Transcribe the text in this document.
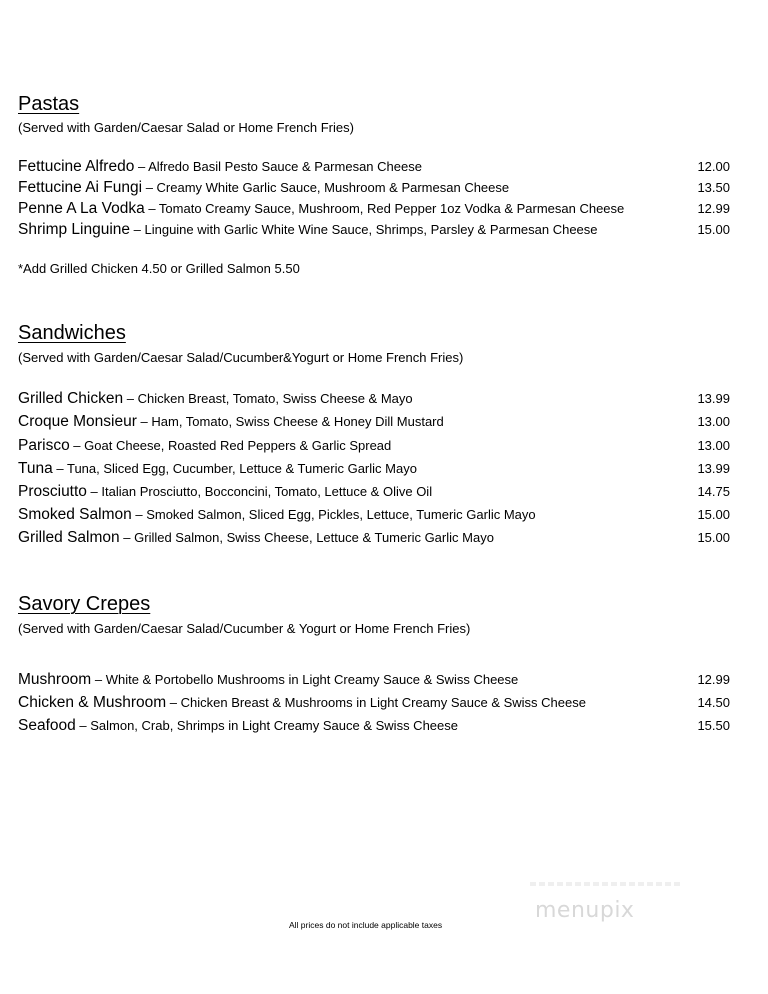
Pastas
(Served with Garden/Caesar Salad or Home French Fries)
Fettucine Alfredo – Alfredo Basil Pesto Sauce & Parmesan Cheese	12.00
Fettucine Ai Fungi – Creamy White Garlic Sauce, Mushroom & Parmesan Cheese	13.50
Penne A La Vodka – Tomato Creamy Sauce, Mushroom, Red Pepper 1oz Vodka & Parmesan Cheese	12.99
Shrimp Linguine – Linguine with Garlic White Wine Sauce, Shrimps, Parsley & Parmesan Cheese	15.00
*Add Grilled Chicken 4.50 or Grilled Salmon 5.50
Sandwiches
(Served with Garden/Caesar Salad/Cucumber&Yogurt or Home French Fries)
Grilled Chicken – Chicken Breast, Tomato, Swiss Cheese & Mayo	13.99
Croque Monsieur – Ham, Tomato, Swiss Cheese & Honey Dill Mustard	13.00
Parisco – Goat Cheese, Roasted Red Peppers & Garlic Spread	13.00
Tuna – Tuna, Sliced Egg, Cucumber, Lettuce & Tumeric Garlic Mayo	13.99
Prosciutto – Italian Prosciutto, Bocconcini, Tomato, Lettuce & Olive Oil	14.75
Smoked Salmon – Smoked Salmon, Sliced Egg, Pickles, Lettuce, Tumeric Garlic Mayo	15.00
Grilled Salmon – Grilled Salmon, Swiss Cheese, Lettuce & Tumeric Garlic Mayo	15.00
Savory Crepes
(Served with Garden/Caesar Salad/Cucumber & Yogurt or Home French Fries)
Mushroom – White & Portobello Mushrooms in Light Creamy Sauce & Swiss Cheese	12.99
Chicken & Mushroom – Chicken Breast & Mushrooms in Light Creamy Sauce & Swiss Cheese	14.50
Seafood – Salmon, Crab, Shrimps in Light Creamy Sauce & Swiss Cheese	15.50
menupix
All prices do not include applicable taxes
